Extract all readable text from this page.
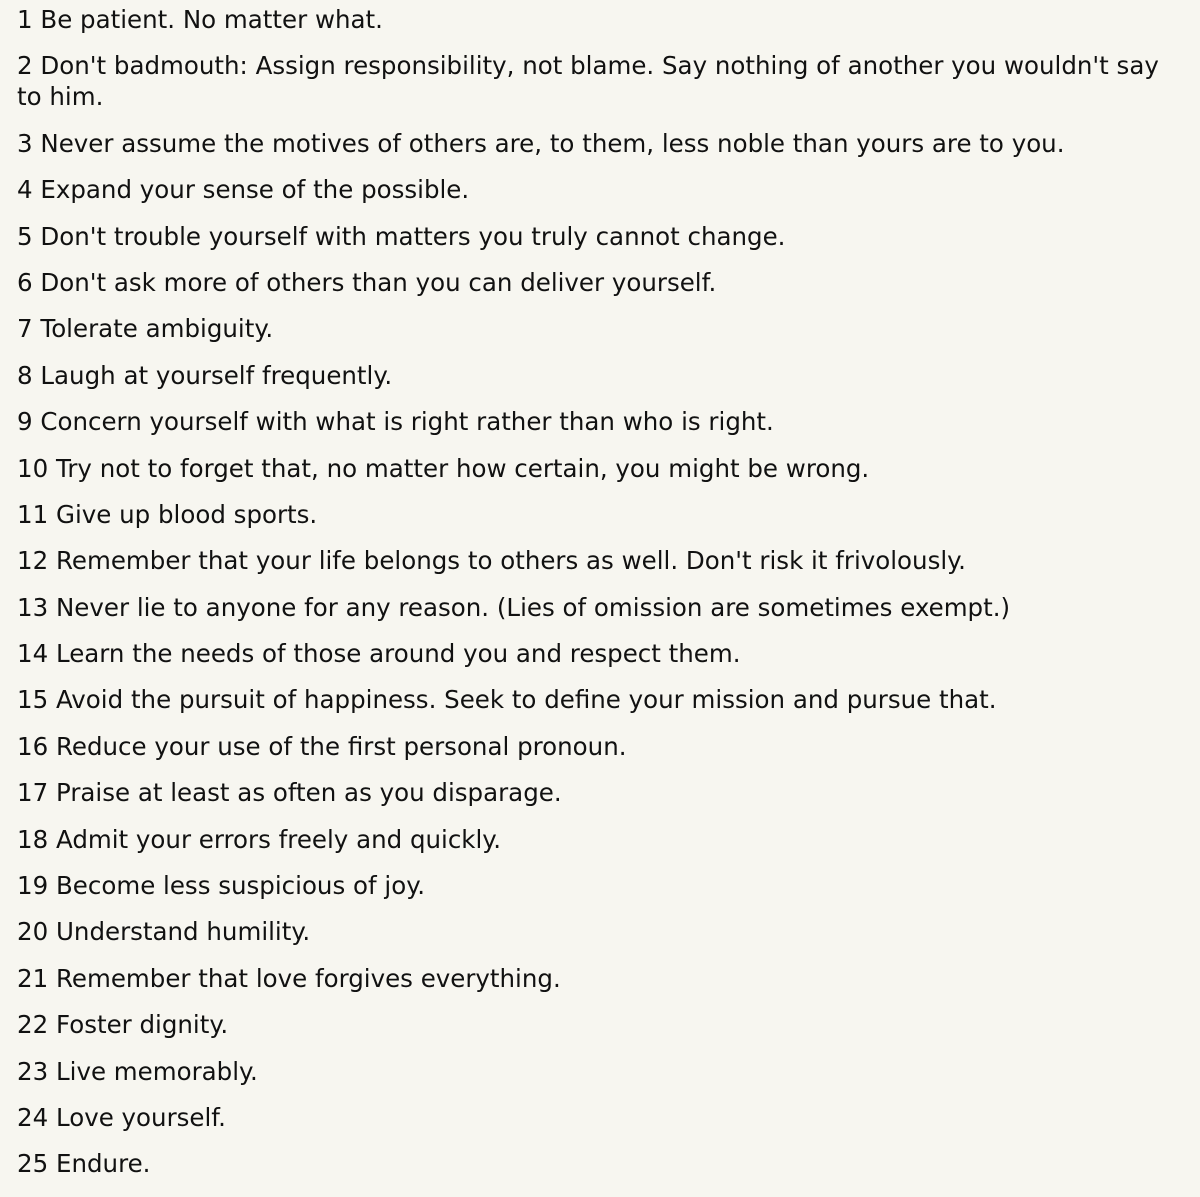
1 Be patient. No matter what.
2 Don't badmouth: Assign responsibility, not blame. Say nothing of another you wouldn't say to him.
3 Never assume the motives of others are, to them, less noble than yours are to you.
4 Expand your sense of the possible.
5 Don't trouble yourself with matters you truly cannot change.
6 Don't ask more of others than you can deliver yourself.
7 Tolerate ambiguity.
8 Laugh at yourself frequently.
9 Concern yourself with what is right rather than who is right.
10 Try not to forget that, no matter how certain, you might be wrong.
11 Give up blood sports.
12 Remember that your life belongs to others as well. Don't risk it frivolously.
13 Never lie to anyone for any reason. (Lies of omission are sometimes exempt.)
14 Learn the needs of those around you and respect them.
15 Avoid the pursuit of happiness. Seek to define your mission and pursue that.
16 Reduce your use of the first personal pronoun.
17 Praise at least as often as you disparage.
18 Admit your errors freely and quickly.
19 Become less suspicious of joy.
20 Understand humility.
21 Remember that love forgives everything.
22 Foster dignity.
23 Live memorably.
24 Love yourself.
25 Endure.
